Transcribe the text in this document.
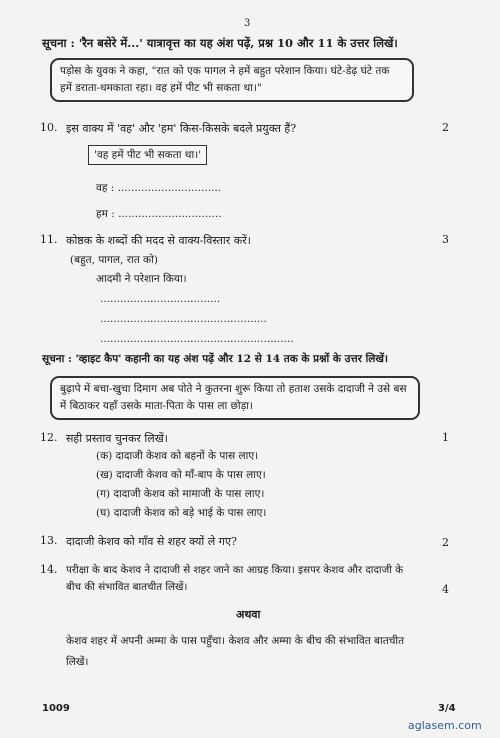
3
सूचना : 'रैन बसेरे में...' यात्रावृत्त का यह अंश पढ़ें, प्रश्न 10 और 11 के उत्तर लिखें।
पड़ोस के युवक ने कहा, "रात को एक पागल ने हमें बहुत परेशान किया। घंटे-डेढ़ घंटे तक हमें डराता-धमकाता रहा। वह हमें पीट भी सकता था।"
10. इस वाक्य में 'वह' और 'हम' किस-किसके बदले प्रयुक्त हैं?	2
'वह हमें पीट भी सकता था।'
वह : ...............................
हम : ...............................
11. कोष्ठक के शब्दों की मदद से वाक्य-विस्तार करें।	3
(बहुत, पागल, रात को)
आदमी ने परेशान किया।
....................................
..................................................
..........................................................
सूचना : 'व्हाइट कैप' कहानी का यह अंश पढ़ें और 12 से 14 तक के प्रश्नों के उत्तर लिखें।
बुढ़ापे में बचा-खुचा दिमाग अब पोते ने कुतरना शुरू किया तो हताश उसके दादाजी ने उसे बस में बिठाकर यहाँ उसके माता-पिता के पास ला छोड़ा।
12. सही प्रस्ताव चुनकर लिखें।	1
(क) दादाजी केशव को बहनों के पास लाए।
(ख) दादाजी केशव को माँ-बाप के पास लाए।
(ग) दादाजी केशव को मामाजी के पास लाए।
(घ) दादाजी केशव को बड़े भाई के पास लाए।
13. दादाजी केशव को गाँव से शहर क्यों ले गए?	2
14. परीक्षा के बाद केशव ने दादाजी से शहर जाने का आग्रह किया। इसपर केशव और दादाजी के
बीच की संभावित बातचीत लिखें।	4
अथवा
केशव शहर में अपनी अम्मा के पास पहुँचा। केशव और अम्मा के बीच की संभावित बातचीत
लिखें।
1009	3/4
aglasem.com
